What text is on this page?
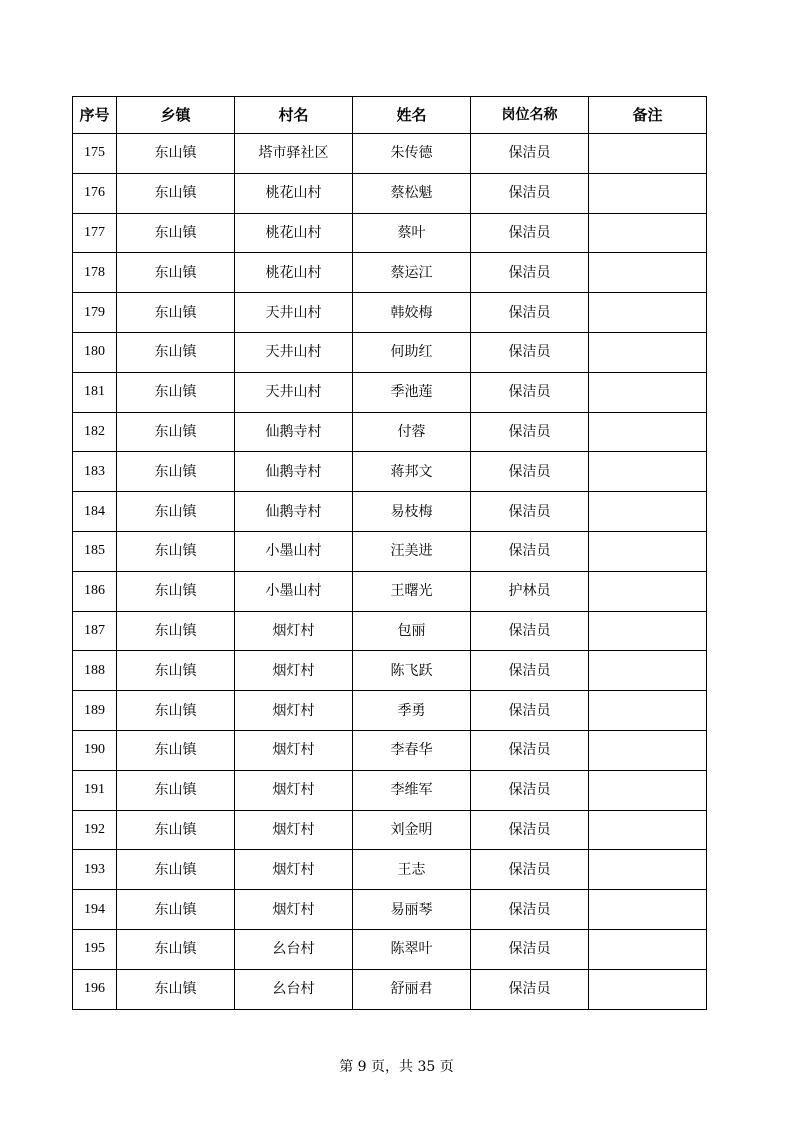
序号	乡镇	村名	姓名	岗位名称	备注
175	东山镇	塔市驿社区	朱传德	保洁员	
176	东山镇	桃花山村	蔡松魁	保洁员	
177	东山镇	桃花山村	蔡叶	保洁员	
178	东山镇	桃花山村	蔡运江	保洁员	
179	东山镇	天井山村	韩姣梅	保洁员	
180	东山镇	天井山村	何助红	保洁员	
181	东山镇	天井山村	季池莲	保洁员	
182	东山镇	仙鹅寺村	付蓉	保洁员	
183	东山镇	仙鹅寺村	蒋邦文	保洁员	
184	东山镇	仙鹅寺村	易枝梅	保洁员	
185	东山镇	小墨山村	汪美进	保洁员	
186	东山镇	小墨山村	王曙光	护林员	
187	东山镇	烟灯村	包丽	保洁员	
188	东山镇	烟灯村	陈飞跃	保洁员	
189	东山镇	烟灯村	季勇	保洁员	
190	东山镇	烟灯村	李春华	保洁员	
191	东山镇	烟灯村	李维军	保洁员	
192	东山镇	烟灯村	刘金明	保洁员	
193	东山镇	烟灯村	王志	保洁员	
194	东山镇	烟灯村	易丽琴	保洁员	
195	东山镇	幺台村	陈翠叶	保洁员	
196	东山镇	幺台村	舒丽君	保洁员	
第 9 页，共 35 页
